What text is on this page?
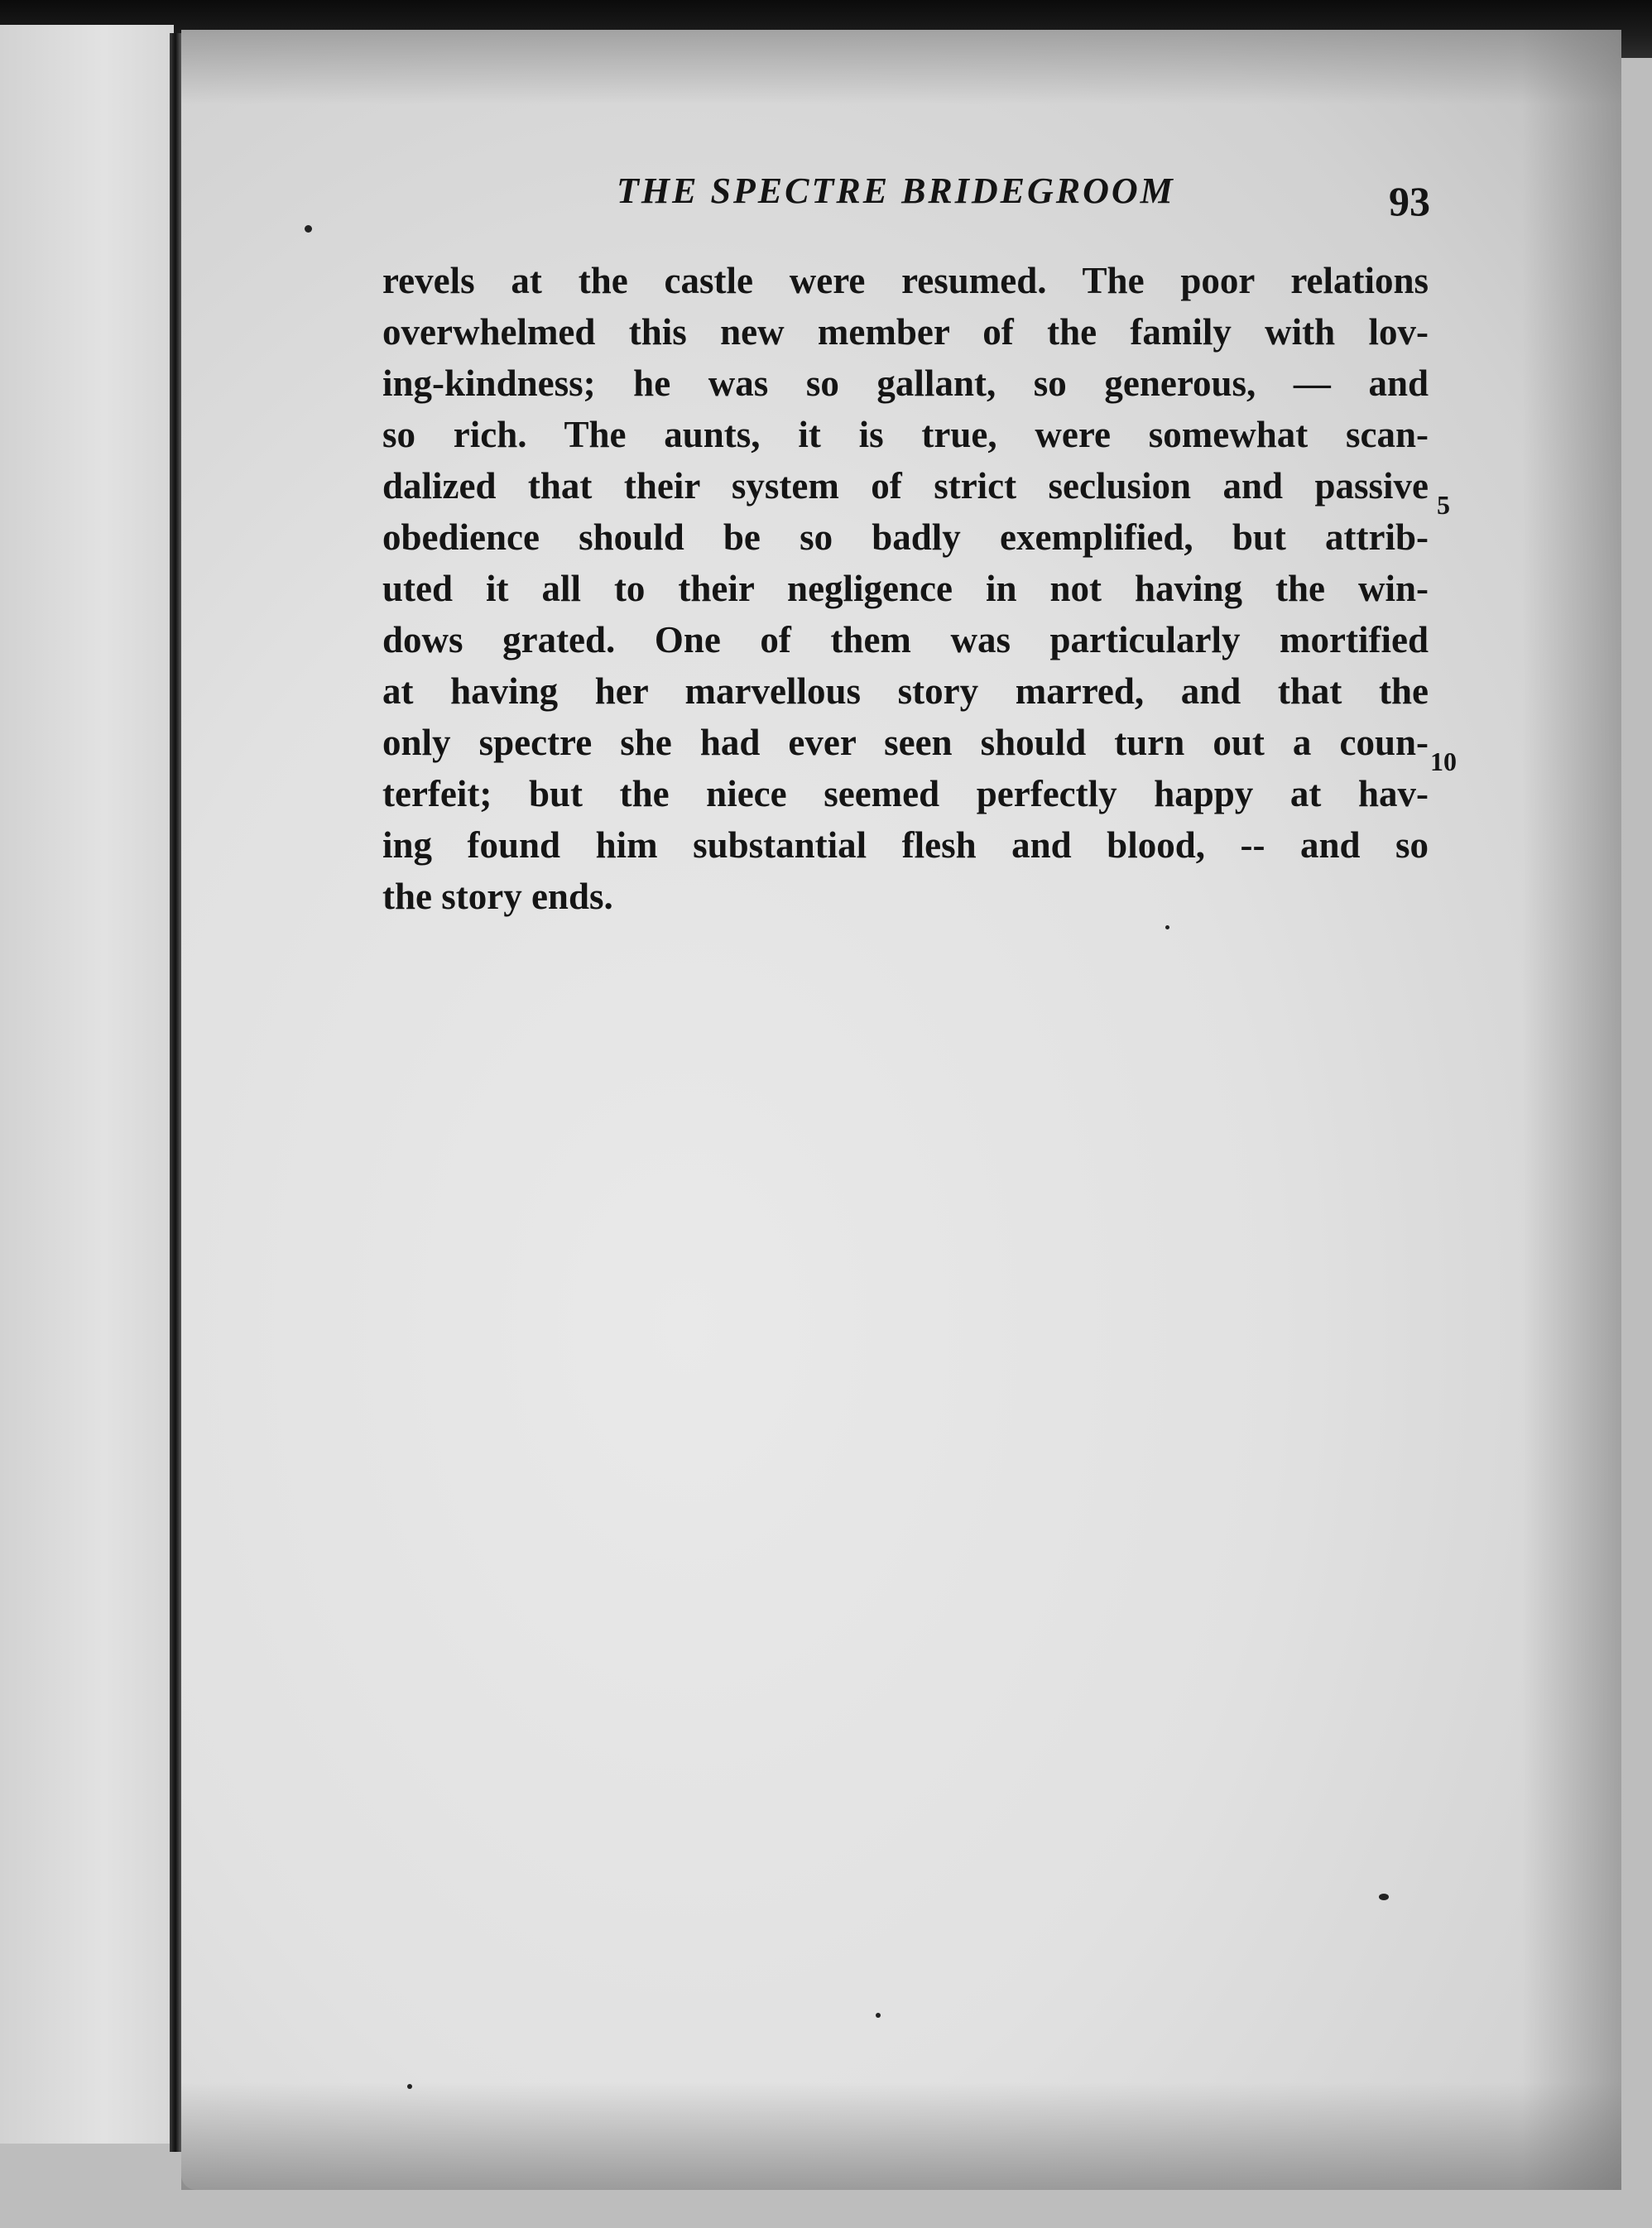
THE SPECTRE BRIDEGROOM	93
revels at the castle were resumed. The poor relations
overwhelmed this new member of the family with lov-
ing-kindness; he was so gallant, so generous, — and
so rich. The aunts, it is true, were somewhat scan-
dalized that their system of strict seclusion and passive
obedience should be so badly exemplified, but attrib-
uted it all to their negligence in not having the win-
dows grated. One of them was particularly mortified
at having her marvellous story marred, and that the
only spectre she had ever seen should turn out a coun-
terfeit; but the niece seemed perfectly happy at hav-
ing found him substantial flesh and blood, -- and so
the story ends.
5
10
